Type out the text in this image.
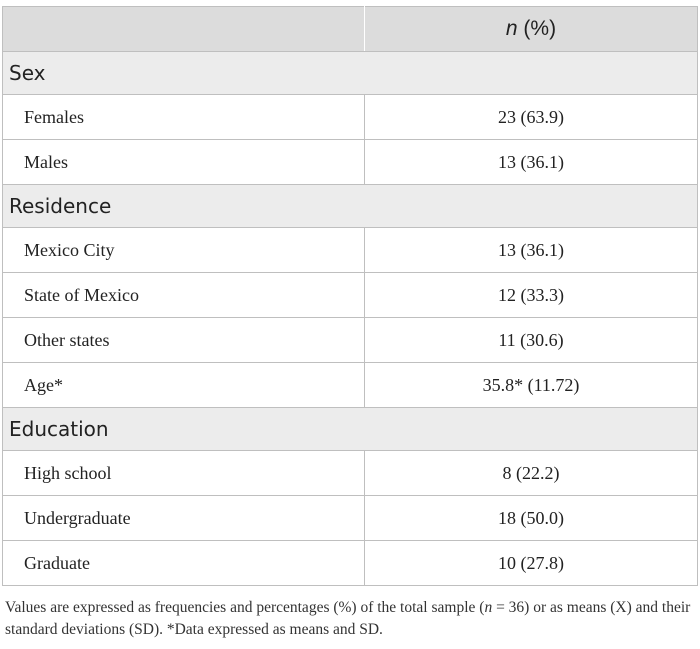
	n (%)
Sex	
Females	23 (63.9)
Males	13 (36.1)
Residence	
Mexico City	13 (36.1)
State of Mexico	12 (33.3)
Other states	11 (30.6)
Age*	35.8* (11.72)
Education	
High school	8 (22.2)
Undergraduate	18 (50.0)
Graduate	10 (27.8)
Values are expressed as frequencies and percentages (%) of the total sample (n = 36) or as means (X) and their standard deviations (SD). *Data expressed as means and SD.
